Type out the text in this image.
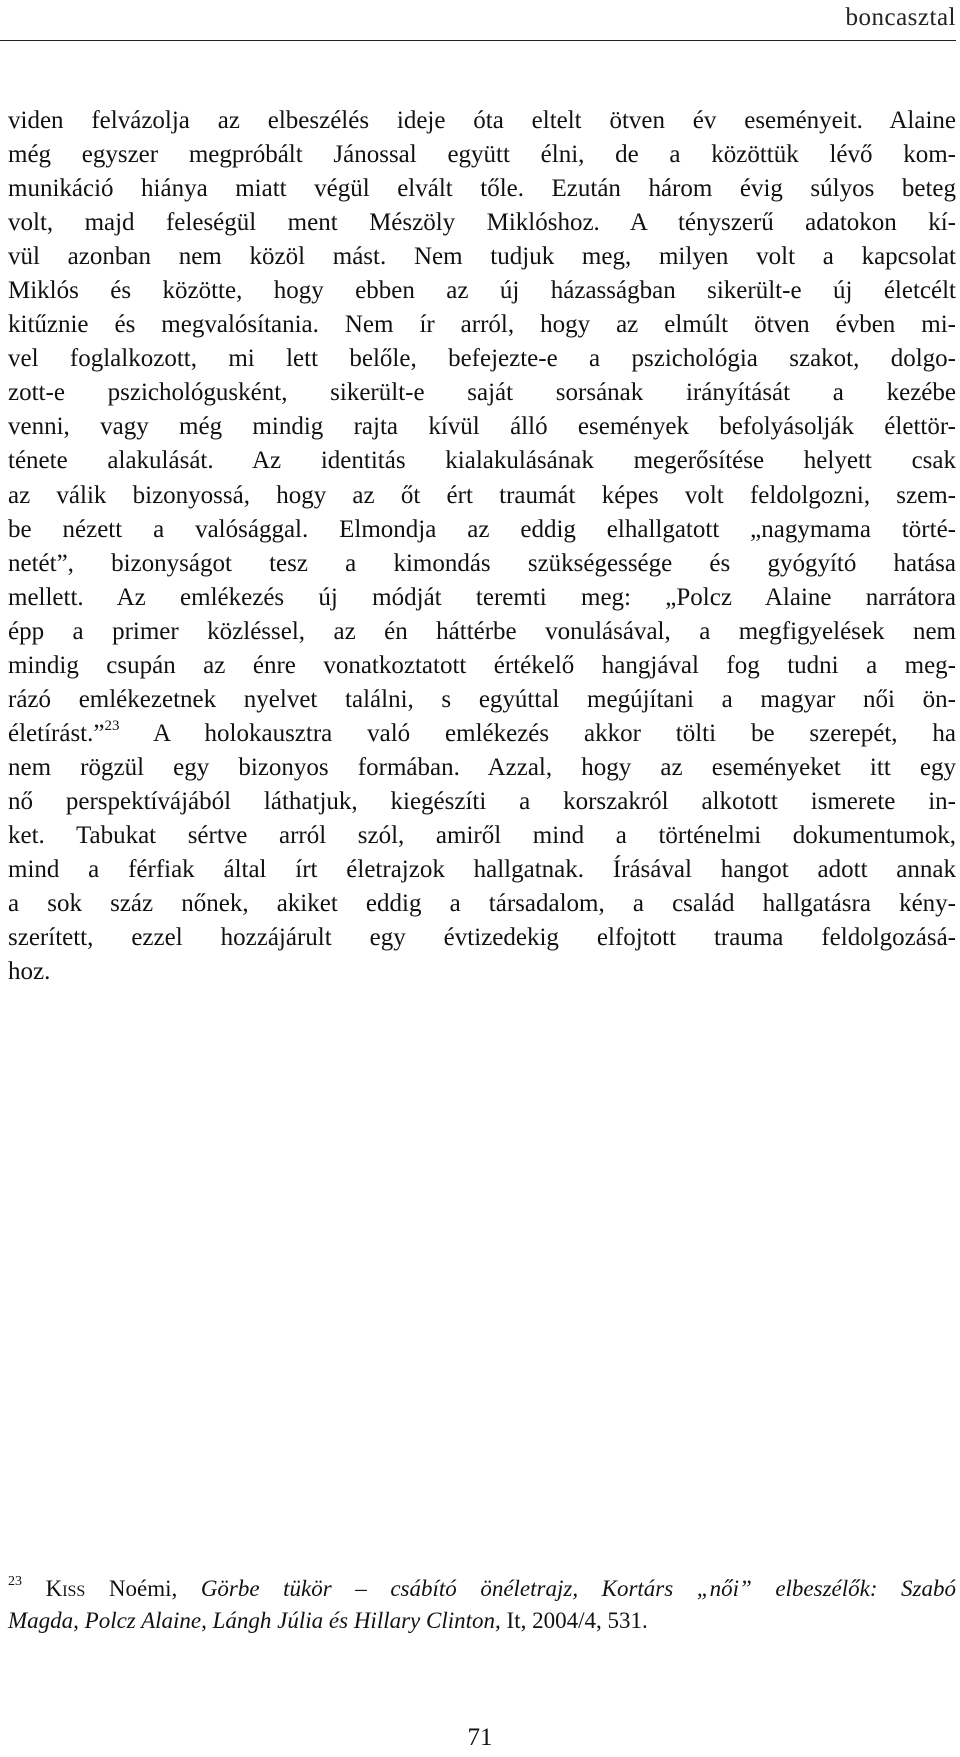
boncasztal
viden felvázolja az elbeszélés ideje óta eltelt ötven év eseményeit. Alaine
még egyszer megpróbált Jánossal együtt élni, de a közöttük lévő kom-
munikáció hiánya miatt végül elvált tőle. Ezután három évig súlyos beteg
volt, majd feleségül ment Mészöly Miklóshoz. A tényszerű adatokon kí-
vül azonban nem közöl mást. Nem tudjuk meg, milyen volt a kapcsolat
Miklós és közötte, hogy ebben az új házasságban sikerült-e új életcélt
kitűznie és megvalósítania. Nem ír arról, hogy az elmúlt ötven évben mi-
vel foglalkozott, mi lett belőle, befejezte-e a pszichológia szakot, dolgo-
zott-e pszichológusként, sikerült-e saját sorsának irányítását a kezébe
venni, vagy még mindig rajta kívül álló események befolyásolják élettör-
ténete alakulását. Az identitás kialakulásának megerősítése helyett csak
az válik bizonyossá, hogy az őt ért traumát képes volt feldolgozni, szem-
be nézett a valósággal. Elmondja az eddig elhallgatott „nagymama törté-
netét”, bizonyságot tesz a kimondás szükségessége és gyógyító hatása
mellett. Az emlékezés új módját teremti meg: „Polcz Alaine narrátora
épp a primer közléssel, az én háttérbe vonulásával, a megfigyelések nem
mindig csupán az énre vonatkoztatott értékelő hangjával fog tudni a meg-
rázó emlékezetnek nyelvet találni, s egyúttal megújítani a magyar női ön-
életírást.”$^{23}$ A holokausztra való emlékezés akkor tölti be szerepét, ha
nem rögzül egy bizonyos formában. Azzal, hogy az eseményeket itt egy
nő perspektívájából láthatjuk, kiegészíti a korszakról alkotott ismerete in-
ket. Tabukat sértve arról szól, amiről mind a történelmi dokumentumok,
mind a férfiak által írt életrajzok hallgatnak. Írásával hangot adott annak
a sok száz nőnek, akiket eddig a társadalom, a család hallgatásra kény-
szerített, ezzel hozzájárult egy évtizedekig elfojtott trauma feldolgozásá-
hoz.
$^{23}$ Kiss Noémi, Görbe tükör – csábító önéletrajz, Kortárs „női” elbeszélők: Szabó
Magda, Polcz Alaine, Lángh Júlia és Hillary Clinton, It, 2004/4, 531.
71
